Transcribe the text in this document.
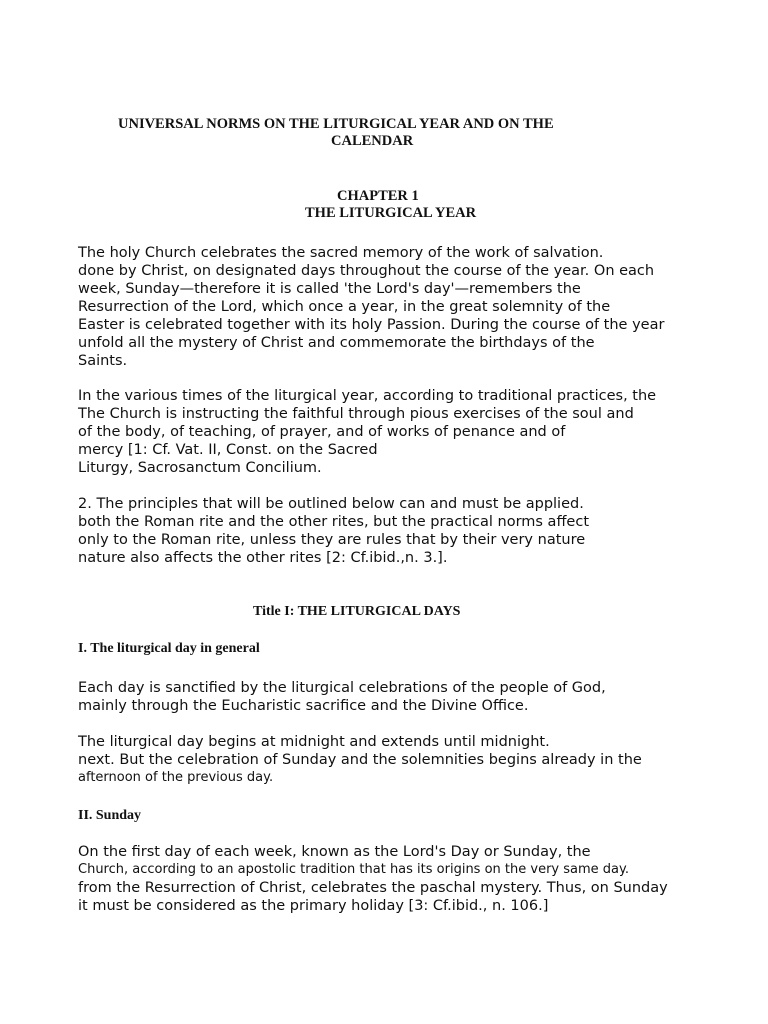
UNIVERSAL NORMS ON THE LITURGICAL YEAR AND ON THE
CALENDAR
CHAPTER 1
THE LITURGICAL YEAR
The holy Church celebrates the sacred memory of the work of salvation.
done by Christ, on designated days throughout the course of the year. On each
week, Sunday—therefore it is called 'the Lord's day'—remembers the
Resurrection of the Lord, which once a year, in the great solemnity of the
Easter is celebrated together with its holy Passion. During the course of the year
unfold all the mystery of Christ and commemorate the birthdays of the
Saints.
In the various times of the liturgical year, according to traditional practices, the
The Church is instructing the faithful through pious exercises of the soul and
of the body, of teaching, of prayer, and of works of penance and of
mercy [1: Cf. Vat. II, Const. on the Sacred
Liturgy, Sacrosanctum Concilium.
2. The principles that will be outlined below can and must be applied.
both the Roman rite and the other rites, but the practical norms affect
only to the Roman rite, unless they are rules that by their very nature
nature also affects the other rites [2: Cf.ibid.,n. 3.].
Title I: THE LITURGICAL DAYS
I. The liturgical day in general
Each day is sanctified by the liturgical celebrations of the people of God,
mainly through the Eucharistic sacrifice and the Divine Office.
The liturgical day begins at midnight and extends until midnight.
next. But the celebration of Sunday and the solemnities begins already in the
afternoon of the previous day.
II. Sunday
On the first day of each week, known as the Lord's Day or Sunday, the
Church, according to an apostolic tradition that has its origins on the very same day.
from the Resurrection of Christ, celebrates the paschal mystery. Thus, on Sunday
it must be considered as the primary holiday [3: Cf.ibid., n. 106.]
